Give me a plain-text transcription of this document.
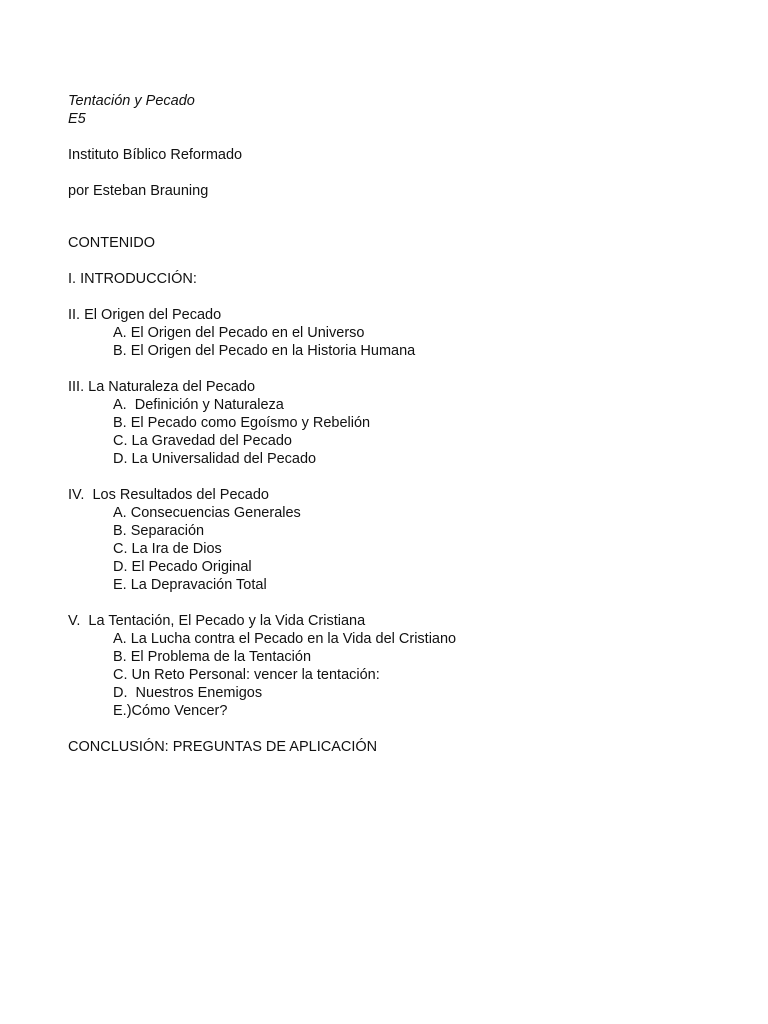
Tentación y Pecado
E5
Instituto Bíblico Reformado
por Esteban Brauning
CONTENIDO
I. INTRODUCCIÓN:
II. El Origen del Pecado
A. El Origen del Pecado en el Universo
B. El Origen del Pecado en la Historia Humana
III. La Naturaleza del Pecado
A.  Definición y Naturaleza
B. El Pecado como Egoísmo y Rebelión
C. La Gravedad del Pecado
D. La Universalidad del Pecado
IV.  Los Resultados del Pecado
A. Consecuencias Generales
B. Separación
C. La Ira de Dios
D. El Pecado Original
E. La Depravación Total
V.  La Tentación, El Pecado y la Vida Cristiana
A. La Lucha contra el Pecado en la Vida del Cristiano
B. El Problema de la Tentación
C. Un Reto Personal: vencer la tentación:
D.  Nuestros Enemigos
E.)Cómo Vencer?
CONCLUSIÓN: PREGUNTAS DE APLICACIÓN
